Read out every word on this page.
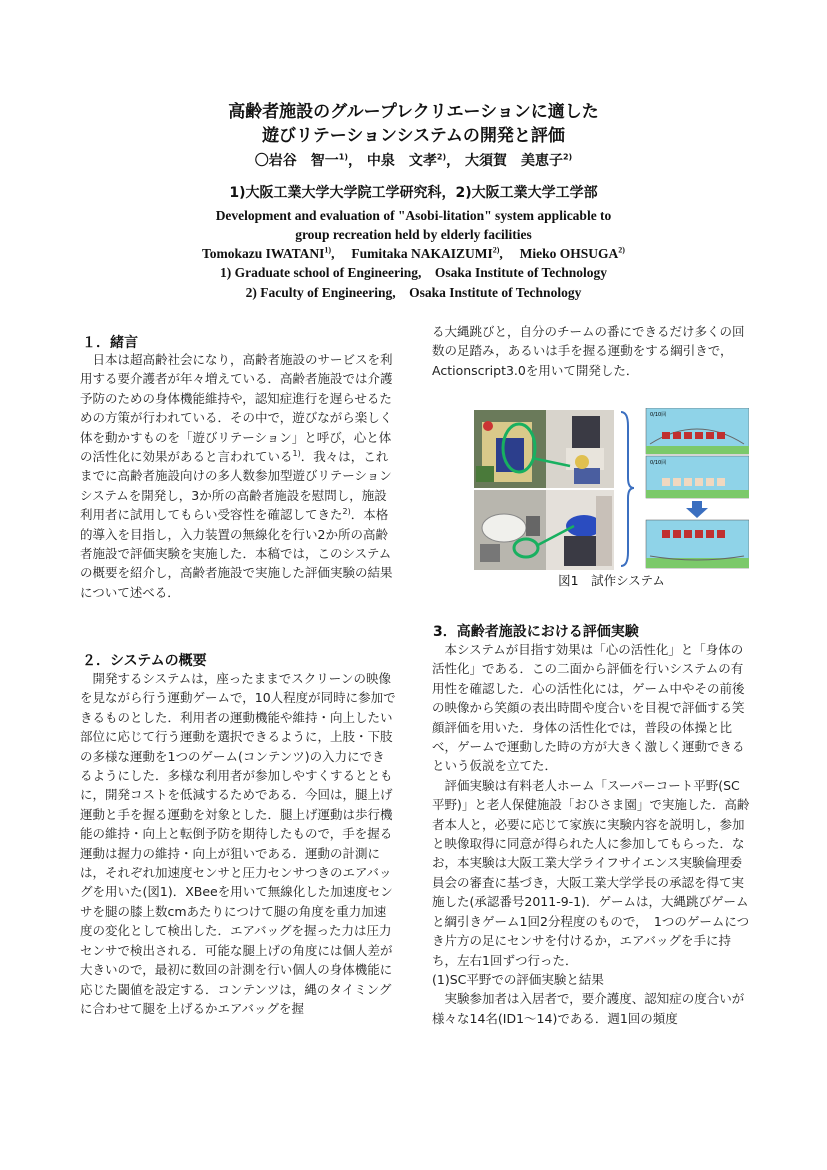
高齢者施設のグループレクリエーションに適した
遊びリテーションシステムの開発と評価
〇岩谷　智一$^{1)}$， 中泉　文孝$^{2)}$， 大須賀　美恵子$^{2)}$
1)大阪工業大学大学院工学研究科，2)大阪工業大学工学部
Development and evaluation of "Asobi-litation" system applicable to
group recreation held by elderly facilities
Tomokazu IWATANI$^{1)}$,     Fumitaka NAKAIZUMI$^{2)}$,     Mieko OHSUGA$^{2)}$
1) Graduate school of Engineering,　Osaka Institute of Technology
2) Faculty of Engineering,　Osaka Institute of Technology
１．緒言

日本は超高齢社会になり，高齢者施設のサービスを利用する要介護者が年々増えている．高齢者施設では介護予防のための身体機能維持や，認知症進行を遅らせるための方策が行われている．その中で，遊びながら楽しく体を動かすものを「遊びリテーション」と呼び，心と体の活性化に効果があると言われている$^{1)}$．我々は，これまでに高齢者施設向けの多人数参加型遊びリテーションシステムを開発し，3か所の高齢者施設を慰問し，施設利用者に試用してもらい受容性を確認してきた$^{2)}$．本格的導入を目指し，入力装置の無線化を行い2か所の高齢者施設で評価実験を実施した．本稿では，このシステムの概要を紹介し，高齢者施設で実施した評価実験の結果について述べる．

２．システムの概要

開発するシステムは，座ったままでスクリーンの映像を見ながら行う運動ゲームで，10人程度が同時に参加できるものとした．利用者の運動機能や維持・向上したい部位に応じて行う運動を選択できるように，上肢・下肢の多様な運動を1つのゲーム(コンテンツ)の入力にできるようにした．多様な利用者が参加しやすくするとともに，開発コストを低減するためである．今回は，腿上げ運動と手を握る運動を対象とした．腿上げ運動は歩行機能の維持・向上と転倒予防を期待したもので，手を握る運動は握力の維持・向上が狙いである．運動の計測には，それぞれ加速度センサと圧力センサつきのエアバッグを用いた(図1)．XBeeを用いて無線化した加速度センサを腿の膝上数cmあたりにつけて腿の角度を重力加速度の変化として検出した．エアバッグを握った力は圧力センサで検出される．可能な腿上げの角度には個人差が大きいので，最初に数回の計測を行い個人の身体機能に応じた閾値を設定する．コンテンツは，縄のタイミングに合わせて腿を上げるかエアバッグを握

る大縄跳びと，自分のチームの番にできるだけ多くの回数の足踏み，あるいは手を握る運動をする綱引きで，Actionscript3.0を用いて開発した．

0/10回
0/10回
図1　試作システム
3．高齢者施設における評価実験

本システムが目指す効果は「心の活性化」と「身体の活性化」である．この二面から評価を行いシステムの有用性を確認した．心の活性化には，ゲーム中やその前後の映像から笑顔の表出時間や度合いを目視で評価する笑顔評価を用いた．身体の活性化では，普段の体操と比べ，ゲームで運動した時の方が大きく激しく運動できるという仮説を立てた．

評価実験は有料老人ホーム「スーパーコート平野(SC平野)」と老人保健施設「おひさま園」で実施した．高齢者本人と，必要に応じて家族に実験内容を説明し，参加と映像取得に同意が得られた人に参加してもらった．なお，本実験は大阪工業大学ライフサイエンス実験倫理委員会の審査に基づき，大阪工業大学学長の承認を得て実施した(承認番号2011-9-1)．ゲームは，大縄跳びゲームと綱引きゲーム1回2分程度のもので，　1つのゲームにつき片方の足にセンサを付けるか，エアバッグを手に持ち，左右1回ずつ行った．

(1)SC平野での評価実験と結果

実験参加者は入居者で，要介護度、認知症の度合いが様々な14名(ID1〜14)である．週1回の頻度
